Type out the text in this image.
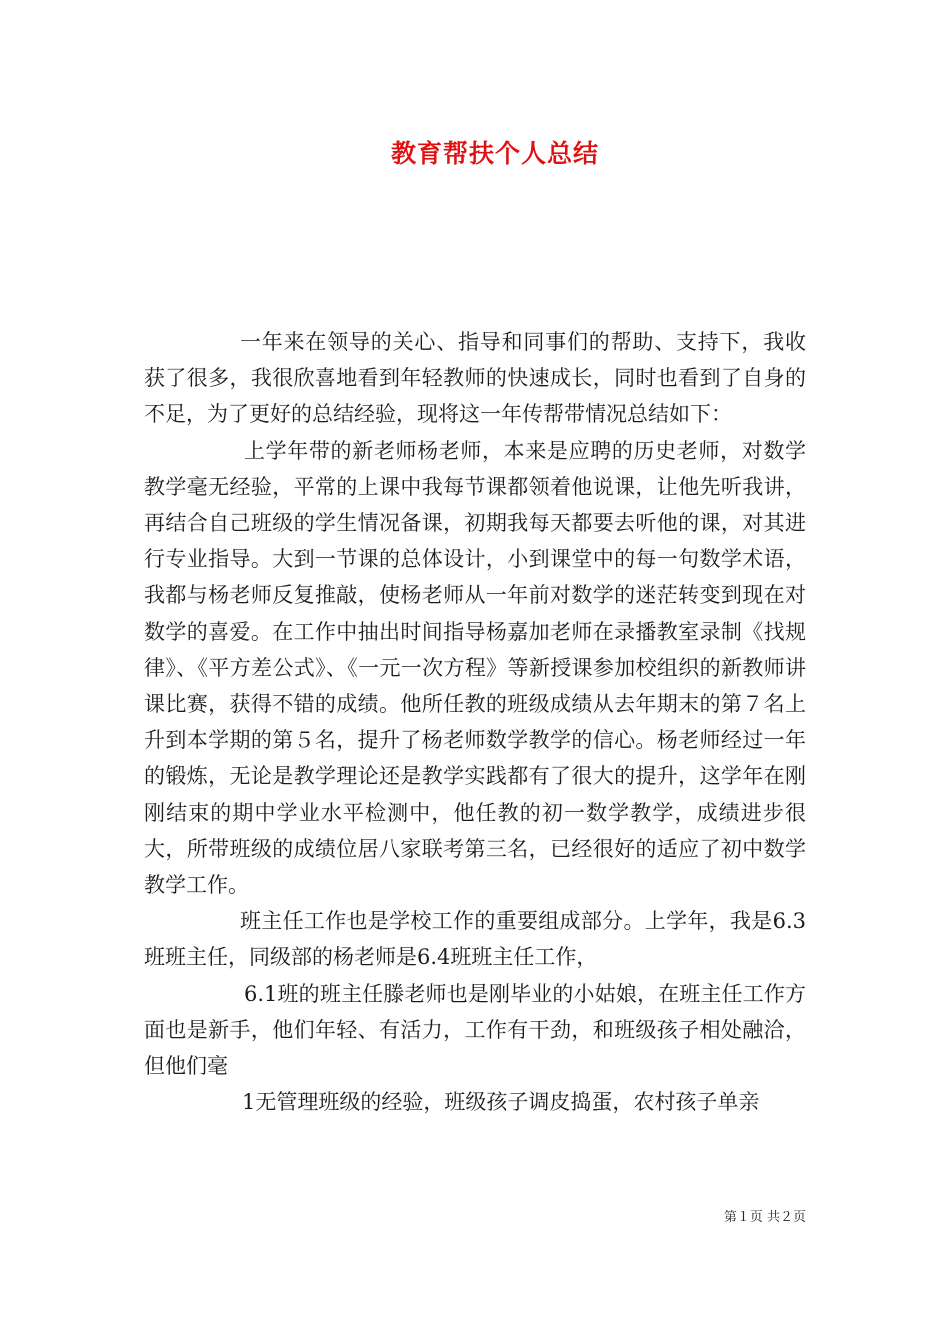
教育帮扶个人总结

一年来在领导的关心、指导和同事们的帮助、支持下，我收获了很多，我很欣喜地看到年轻教师的快速成长，同时也看到了自身的不足，为了更好的总结经验，现将这一年传帮带情况总结如下：

上学年带的新老师杨老师，本来是应聘的历史老师，对数学教学毫无经验，平常的上课中我每节课都领着他说课，让他先听我讲，再结合自己班级的学生情况备课，初期我每天都要去听他的课，对其进行专业指导。大到一节课的总体设计，小到课堂中的每一句数学术语，我都与杨老师反复推敲，使杨老师从一年前对数学的迷茫转变到现在对数学的喜爱。在工作中抽出时间指导杨嘉加老师在录播教室录制《找规律》、《平方差公式》、《一元一次方程》等新授课参加校组织的新教师讲课比赛，获得不错的成绩。他所任教的班级成绩从去年期末的第７名上升到本学期的第５名，提升了杨老师数学教学的信心。杨老师经过一年的锻炼，无论是教学理论还是教学实践都有了很大的提升，这学年在刚刚结束的期中学业水平检测中，他任教的初一数学教学，成绩进步很大，所带班级的成绩位居八家联考第三名，已经很好的适应了初中数学教学工作。

班主任工作也是学校工作的重要组成部分。上学年，我是6.3班班主任，同级部的杨老师是6.4班班主任工作，

6.1班的班主任滕老师也是刚毕业的小姑娘，在班主任工作方面也是新手，他们年轻、有活力，工作有干劲，和班级孩子相处融洽，但他们毫

1无管理班级的经验，班级孩子调皮捣蛋，农村孩子单亲

第１页 共２页
